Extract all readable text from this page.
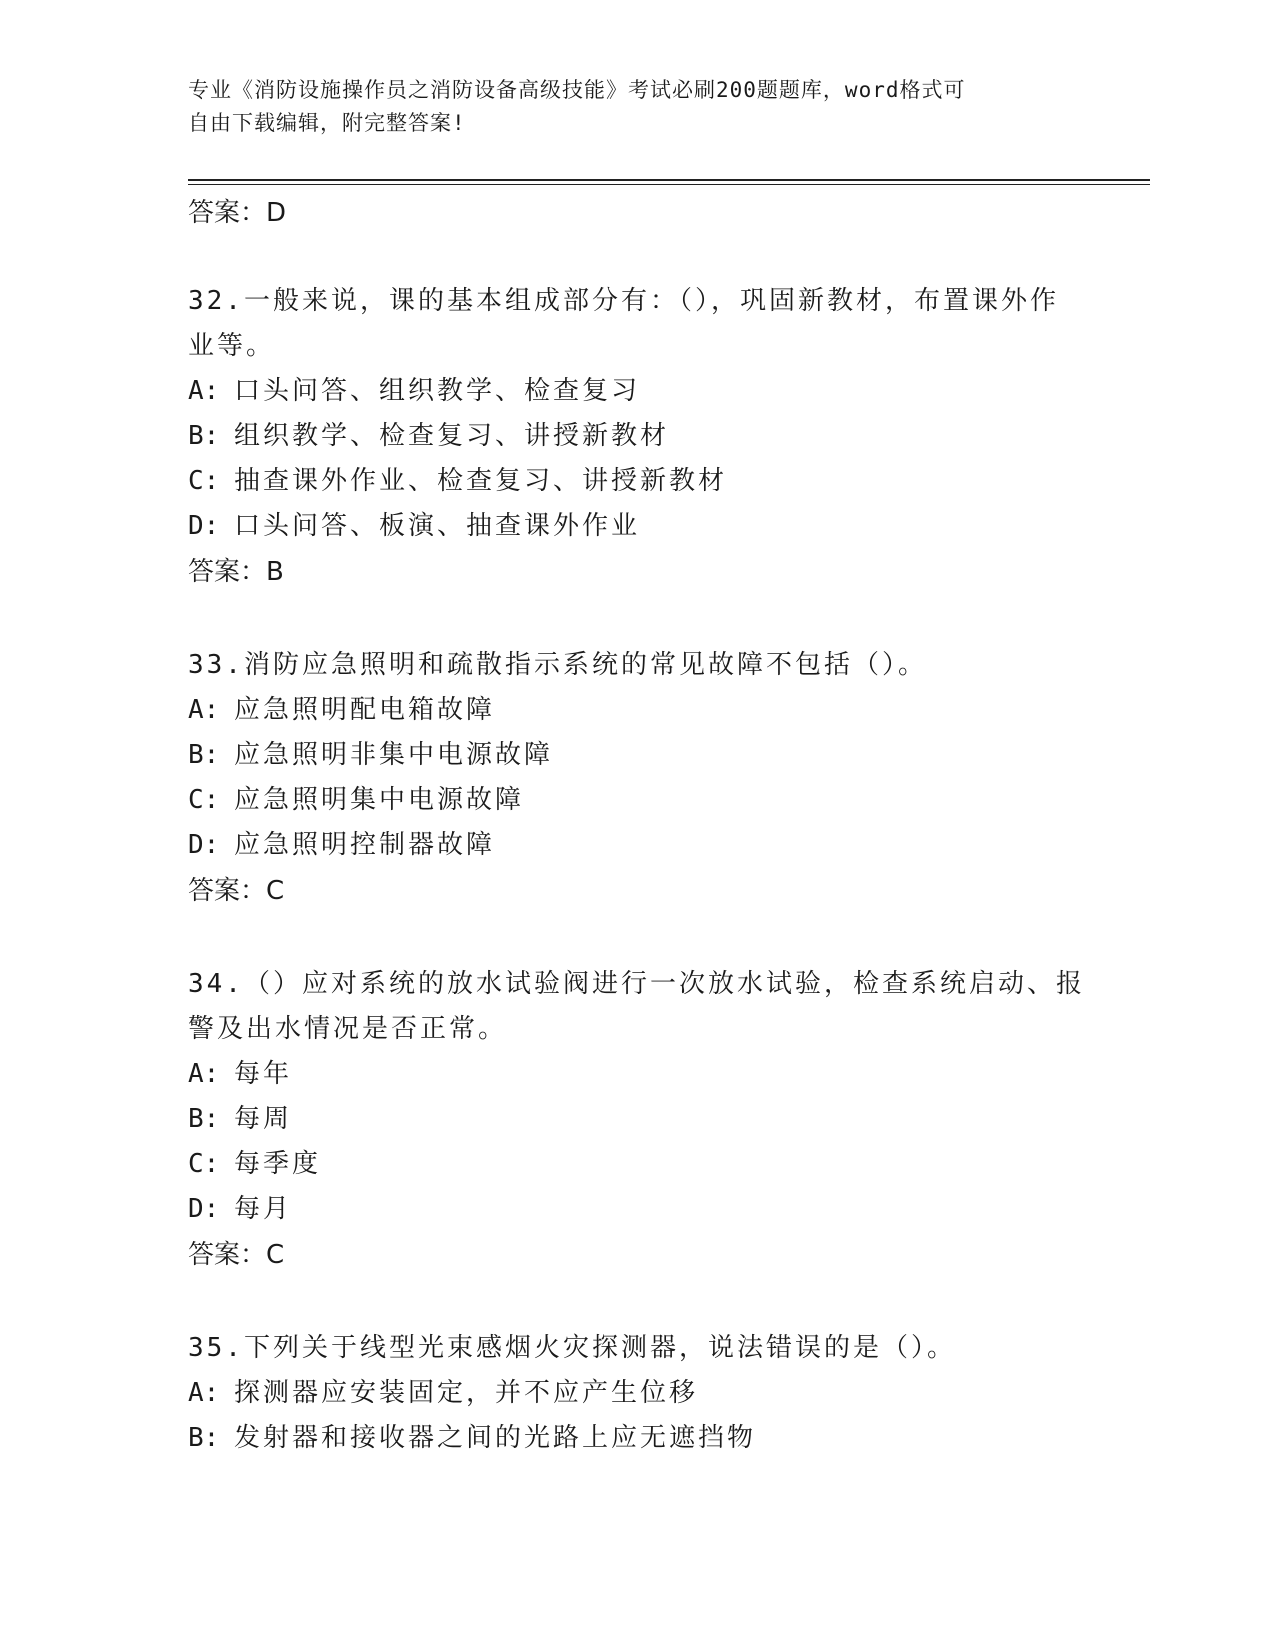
专业《消防设施操作员之消防设备高级技能》考试必刷200题题库，word格式可
自由下载编辑，附完整答案!
答案：D
32.一般来说，课的基本组成部分有：（），巩固新教材，布置课外作
业等。
A: 口头问答、组织教学、检查复习
B: 组织教学、检查复习、讲授新教材
C: 抽查课外作业、检查复习、讲授新教材
D: 口头问答、板演、抽查课外作业
答案：B
33.消防应急照明和疏散指示系统的常见故障不包括（）。
A: 应急照明配电箱故障
B: 应急照明非集中电源故障
C: 应急照明集中电源故障
D: 应急照明控制器故障
答案：C
34.（）应对系统的放水试验阀进行一次放水试验，检查系统启动、报
警及出水情况是否正常。
A: 每年
B: 每周
C: 每季度
D: 每月
答案：C
35.下列关于线型光束感烟火灾探测器，说法错误的是（）。
A: 探测器应安装固定，并不应产生位移
B: 发射器和接收器之间的光路上应无遮挡物
